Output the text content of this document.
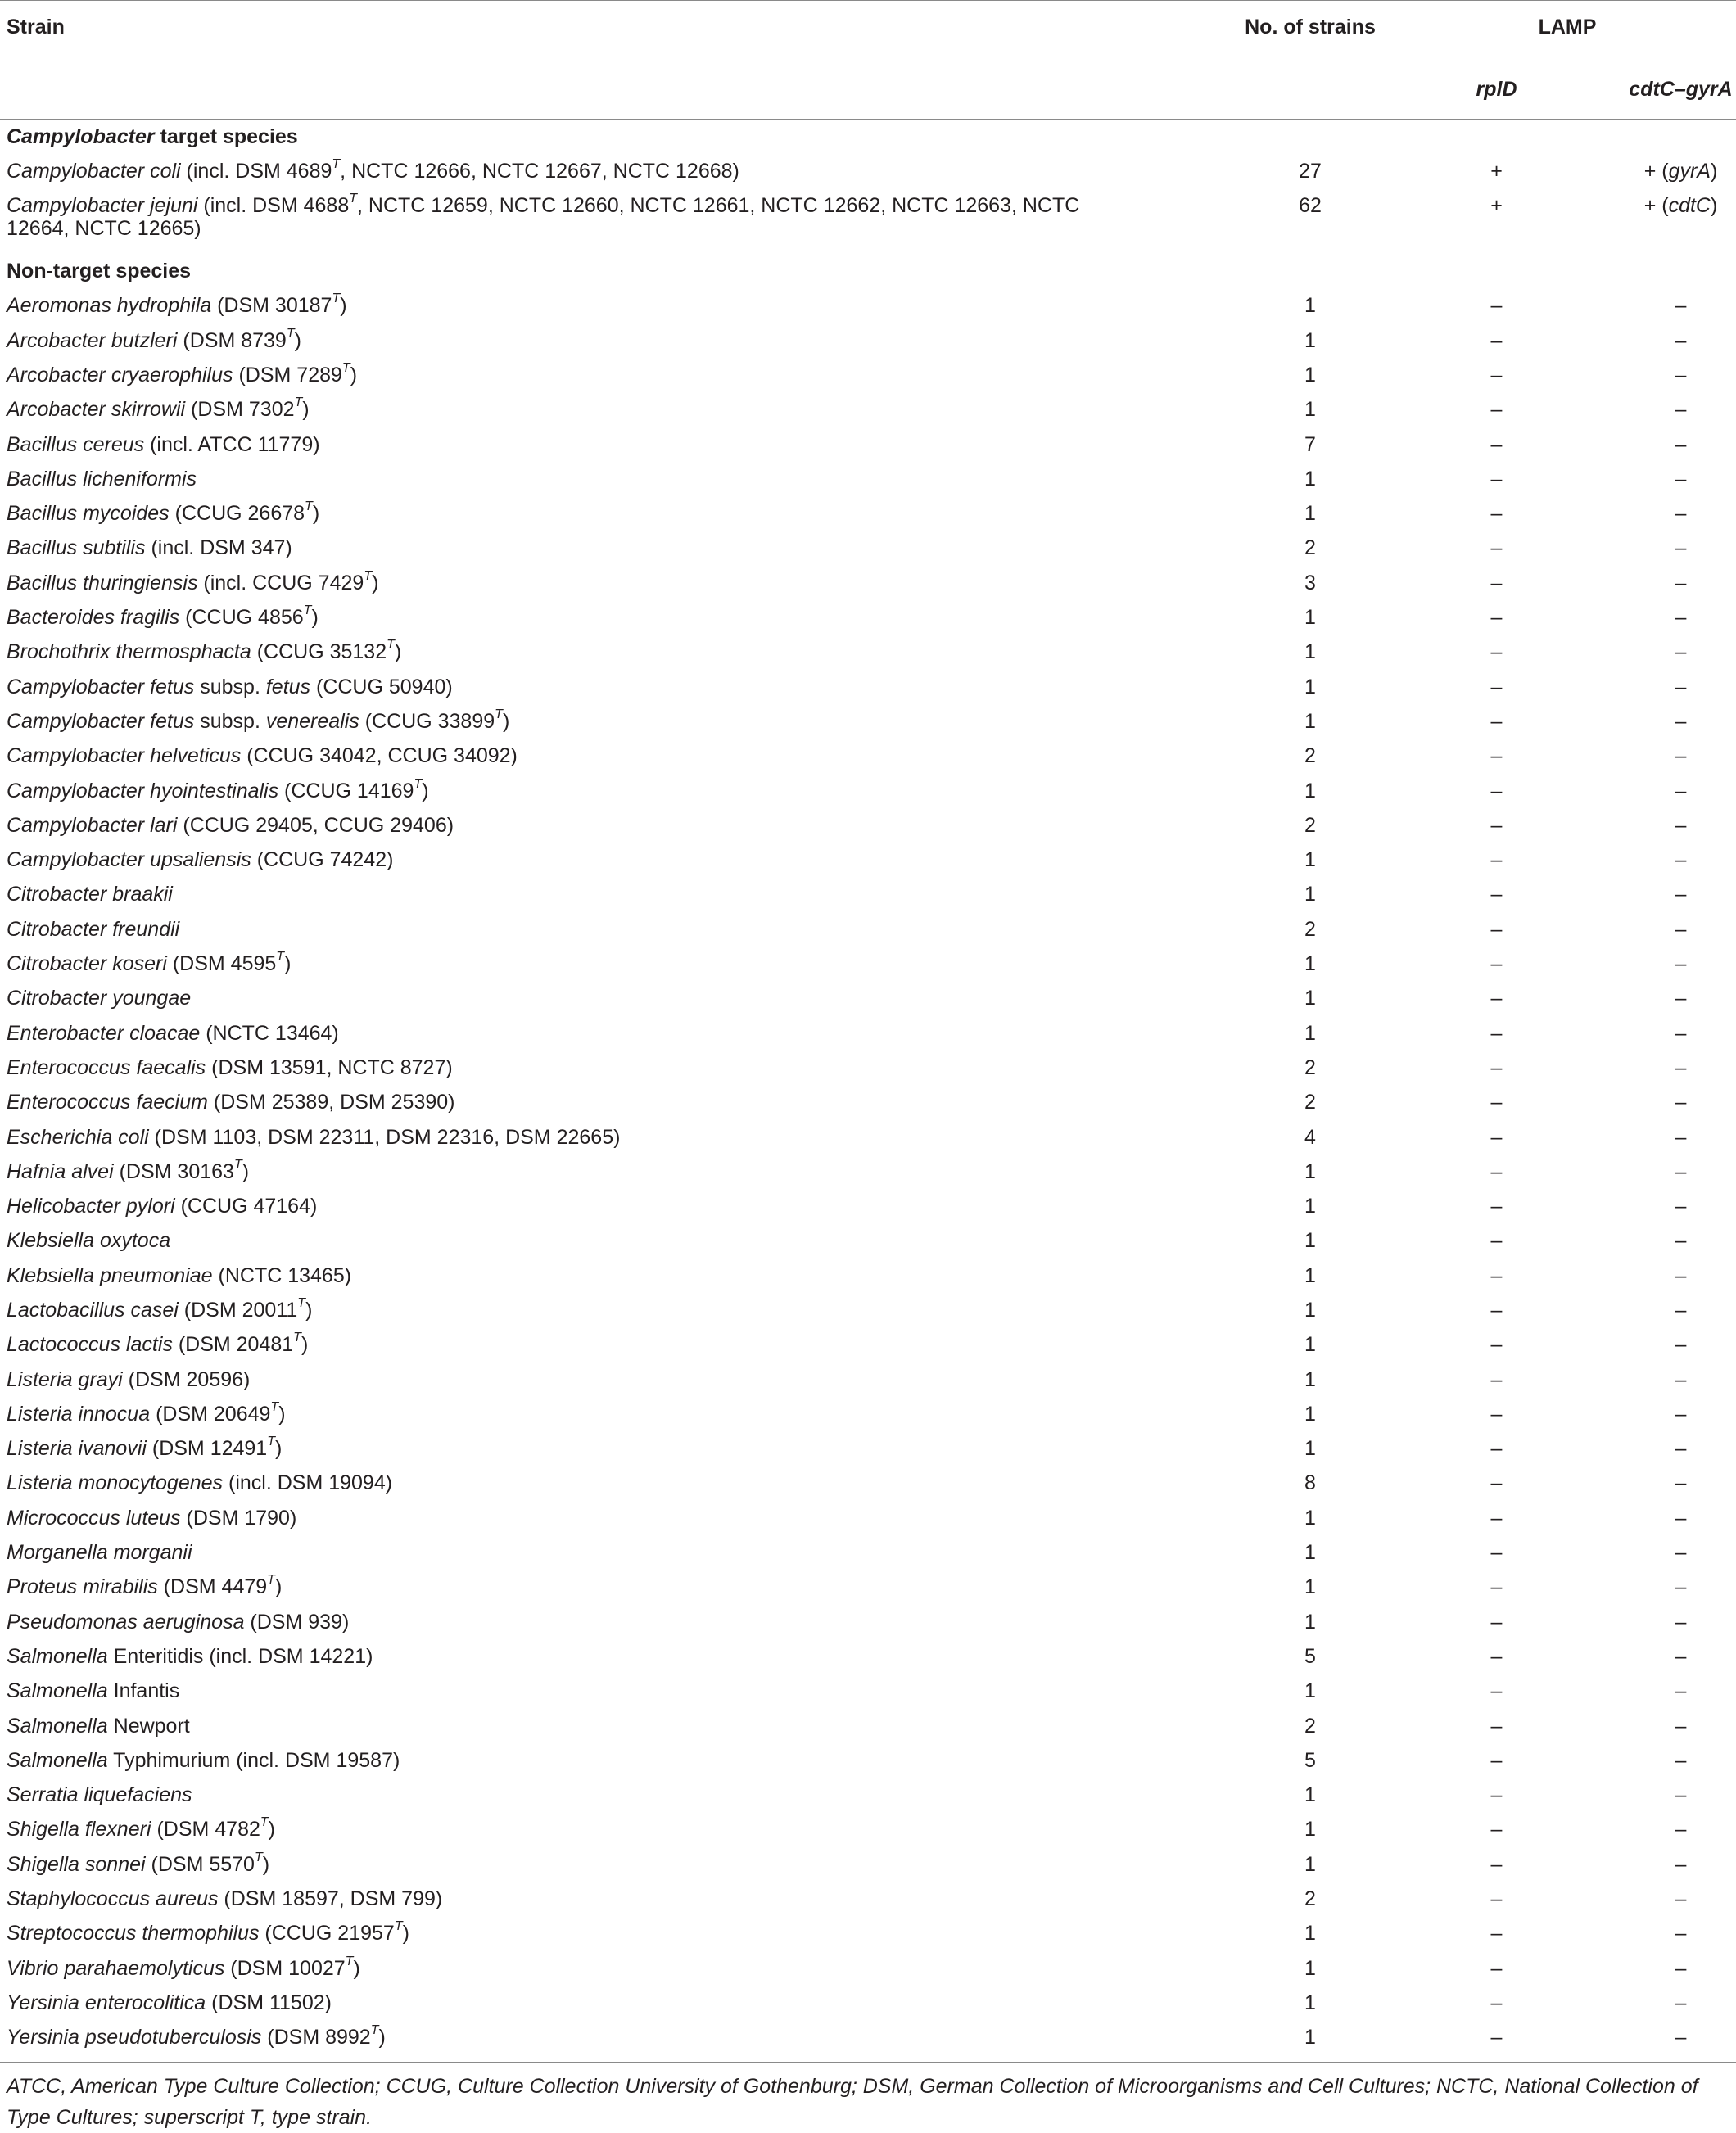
Strain	No. of strains	LAMP	

		rplD	cdtC–gyrA
Campylobacter target species			
Campylobacter coli (incl. DSM $4689^T$, NCTC 12666, NCTC 12667, NCTC 12668)	27	+	+ (gyrA)
Campylobacter jejuni (incl. DSM $4688^T$, NCTC 12659, NCTC 12660, NCTC 12661, NCTC 12662, NCTC 12663, NCTC 12664, NCTC 12665)	62	+	+ (cdtC)
Non-target species			
Aeromonas hydrophila (DSM $30187^T$)	1	–	–
Arcobacter butzleri (DSM $8739^T$)	1	–	–
Arcobacter cryaerophilus (DSM $7289^T$)	1	–	–
Arcobacter skirrowii (DSM $7302^T$)	1	–	–
Bacillus cereus (incl. ATCC 11779)	7	–	–
Bacillus licheniformis	1	–	–
Bacillus mycoides (CCUG $26678^T$)	1	–	–
Bacillus subtilis (incl. DSM 347)	2	–	–
Bacillus thuringiensis (incl. CCUG $7429^T$)	3	–	–
Bacteroides fragilis (CCUG $4856^T$)	1	–	–
Brochothrix thermosphacta (CCUG $35132^T$)	1	–	–
Campylobacter fetus subsp. fetus (CCUG 50940)	1	–	–
Campylobacter fetus subsp. venerealis (CCUG $33899^T$)	1	–	–
Campylobacter helveticus (CCUG 34042, CCUG 34092)	2	–	–
Campylobacter hyointestinalis (CCUG $14169^T$)	1	–	–
Campylobacter lari (CCUG 29405, CCUG 29406)	2	–	–
Campylobacter upsaliensis (CCUG 74242)	1	–	–
Citrobacter braakii	1	–	–
Citrobacter freundii	2	–	–
Citrobacter koseri (DSM $4595^T$)	1	–	–
Citrobacter youngae	1	–	–
Enterobacter cloacae (NCTC 13464)	1	–	–
Enterococcus faecalis (DSM 13591, NCTC 8727)	2	–	–
Enterococcus faecium (DSM 25389, DSM 25390)	2	–	–
Escherichia coli (DSM 1103, DSM 22311, DSM 22316, DSM 22665)	4	–	–
Hafnia alvei (DSM $30163^T$)	1	–	–
Helicobacter pylori (CCUG 47164)	1	–	–
Klebsiella oxytoca	1	–	–
Klebsiella pneumoniae (NCTC 13465)	1	–	–
Lactobacillus casei (DSM $20011^T$)	1	–	–
Lactococcus lactis (DSM $20481^T$)	1	–	–
Listeria grayi (DSM 20596)	1	–	–
Listeria innocua (DSM $20649^T$)	1	–	–
Listeria ivanovii (DSM $12491^T$)	1	–	–
Listeria monocytogenes (incl. DSM 19094)	8	–	–
Micrococcus luteus (DSM 1790)	1	–	–
Morganella morganii	1	–	–
Proteus mirabilis (DSM $4479^T$)	1	–	–
Pseudomonas aeruginosa (DSM 939)	1	–	–
Salmonella Enteritidis (incl. DSM 14221)	5	–	–
Salmonella Infantis	1	–	–
Salmonella Newport	2	–	–
Salmonella Typhimurium (incl. DSM 19587)	5	–	–
Serratia liquefaciens	1	–	–
Shigella flexneri (DSM $4782^T$)	1	–	–
Shigella sonnei (DSM $5570^T$)	1	–	–
Staphylococcus aureus (DSM 18597, DSM 799)	2	–	–
Streptococcus thermophilus (CCUG $21957^T$)	1	–	–
Vibrio parahaemolyticus (DSM $10027^T$)	1	–	–
Yersinia enterocolitica (DSM 11502)	1	–	–
Yersinia pseudotuberculosis (DSM $8992^T$)	1	–	–
ATCC, American Type Culture Collection; CCUG, Culture Collection University of Gothenburg; DSM, German Collection of Microorganisms and Cell Cultures; NCTC, National Collection of Type Cultures; superscript T, type strain.
